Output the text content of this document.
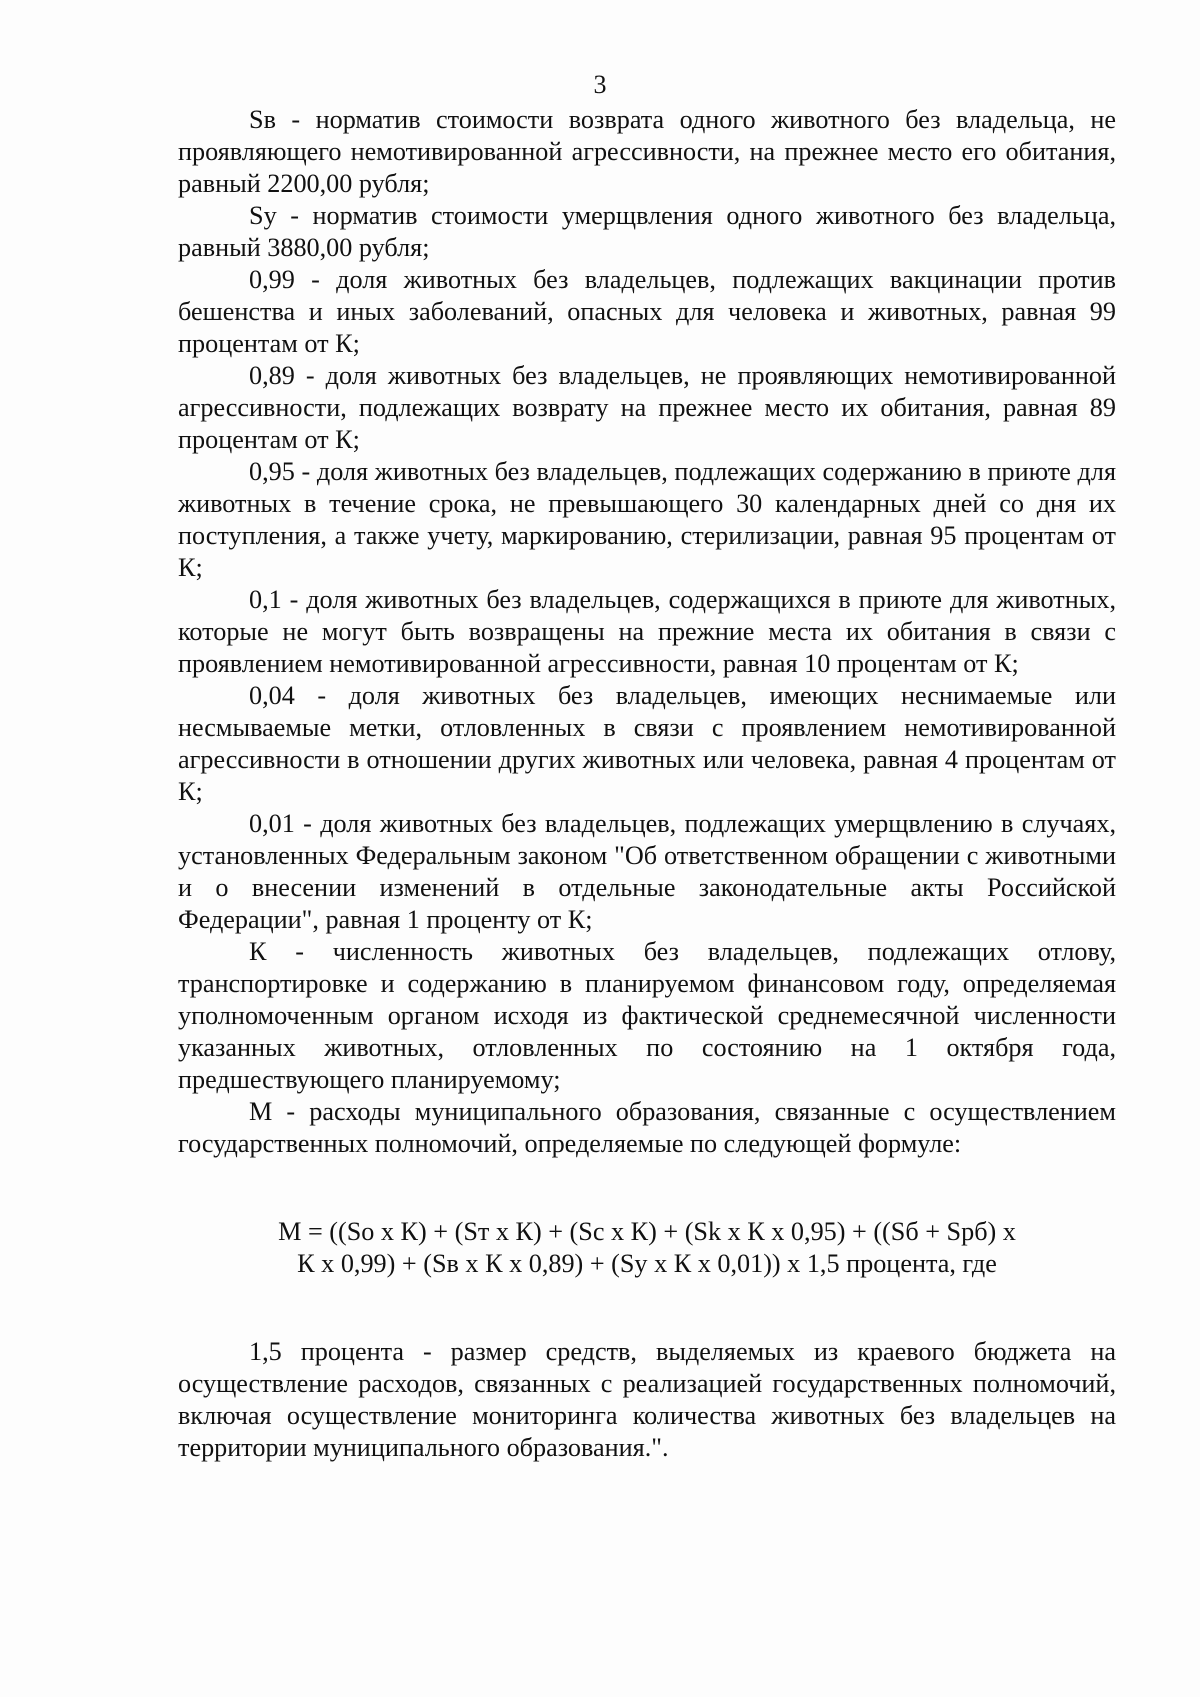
3

Sв - норматив стоимости возврата одного животного без владельца, не проявляющего немотивированной агрессивности, на прежнее место его обитания, равный 2200,00 рубля;

Sу - норматив стоимости умерщвления одного животного без владельца, равный 3880,00 рубля;

0,99 - доля животных без владельцев, подлежащих вакцинации против бешенства и иных заболеваний, опасных для человека и животных, равная 99 процентам от К;

0,89 - доля животных без владельцев, не проявляющих немотивированной агрессивности, подлежащих возврату на прежнее место их обитания, равная 89 процентам от К;

0,95 - доля животных без владельцев, подлежащих содержанию в приюте для животных в течение срока, не превышающего 30 календарных дней со дня их поступления, а также учету, маркированию, стерилизации, равная 95 процентам от К;

0,1 - доля животных без владельцев, содержащихся в приюте для животных, которые не могут быть возвращены на прежние места их обитания в связи с проявлением немотивированной агрессивности, равная 10 процентам от К;

0,04 - доля животных без владельцев, имеющих неснимаемые или несмываемые метки, отловленных в связи с проявлением немотивированной агрессивности в отношении других животных или человека, равная 4 процентам от К;

0,01 - доля животных без владельцев, подлежащих умерщвлению в случаях, установленных Федеральным законом "Об ответственном обращении с животными и о внесении изменений в отдельные законодательные акты Российской Федерации", равная 1 проценту от К;

К - численность животных без владельцев, подлежащих отлову, транспортировке и содержанию в планируемом финансовом году, определяемая уполномоченным органом исходя из фактической среднемесячной численности указанных животных, отловленных по состоянию на 1 октября года, предшествующего планируемому;

М - расходы муниципального образования, связанные с осуществлением государственных полномочий, определяемые по следующей формуле:

М = ((Sо х К) + (Sт х К) + (Sс х К) + (Sk х К х 0,95) + ((Sб + Sрб) х
К х 0,99) + (Sв х К х 0,89) + (Sу х К х 0,01)) х 1,5 процента, где

1,5 процента - размер средств, выделяемых из краевого бюджета на осуществление расходов, связанных с реализацией государственных полномочий, включая осуществление мониторинга количества животных без владельцев на территории муниципального образования.".
